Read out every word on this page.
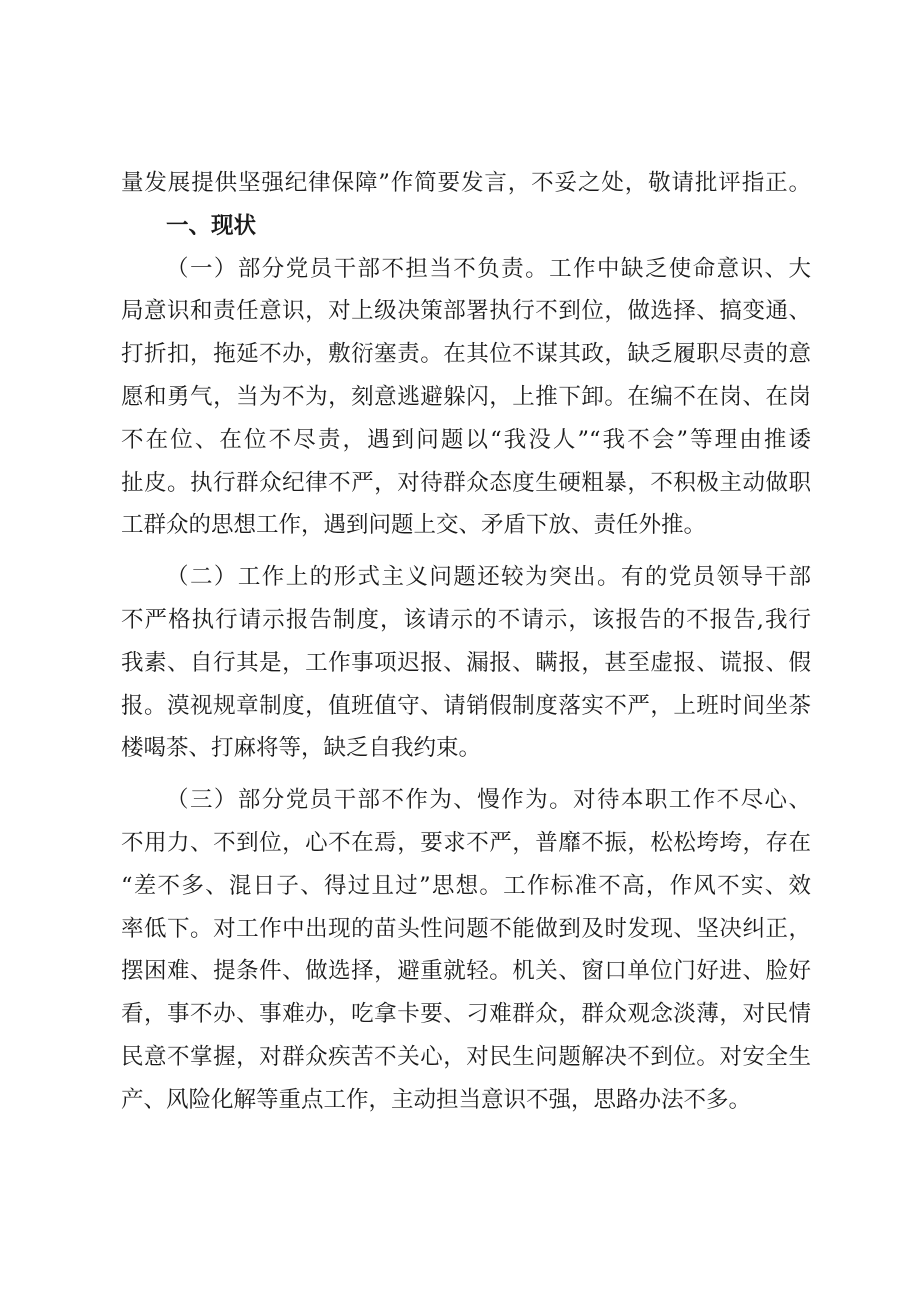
量发展提供坚强纪律保障”作简要发言，不妥之处，敬请批评指正。
一、现状
（一）部分党员干部不担当不负责。工作中缺乏使命意识、大
局意识和责任意识，对上级决策部署执行不到位，做选择、搞变通、
打折扣，拖延不办，敷衍塞责。在其位不谋其政，缺乏履职尽责的意
愿和勇气，当为不为，刻意逃避躲闪，上推下卸。在编不在岗、在岗
不在位、在位不尽责，遇到问题以“我没人”“我不会”等理由推诿
扯皮。执行群众纪律不严，对待群众态度生硬粗暴，不积极主动做职
工群众的思想工作，遇到问题上交、矛盾下放、责任外推。
（二）工作上的形式主义问题还较为突出。有的党员领导干部
不严格执行请示报告制度，该请示的不请示，该报告的不报告,我行
我素、自行其是，工作事项迟报、漏报、瞒报，甚至虚报、谎报、假
报。漠视规章制度，值班值守、请销假制度落实不严，上班时间坐茶
楼喝茶、打麻将等，缺乏自我约束。
（三）部分党员干部不作为、慢作为。对待本职工作不尽心、
不用力、不到位，心不在焉，要求不严，普靡不振，松松垮垮，存在
“差不多、混日子、得过且过”思想。工作标准不高，作风不实、效
率低下。对工作中出现的苗头性问题不能做到及时发现、坚决纠正，
摆困难、提条件、做选择，避重就轻。机关、窗口单位门好进、脸好
看，事不办、事难办，吃拿卡要、刁难群众，群众观念淡薄，对民情
民意不掌握，对群众疾苦不关心，对民生问题解决不到位。对安全生
产、风险化解等重点工作，主动担当意识不强，思路办法不多。
